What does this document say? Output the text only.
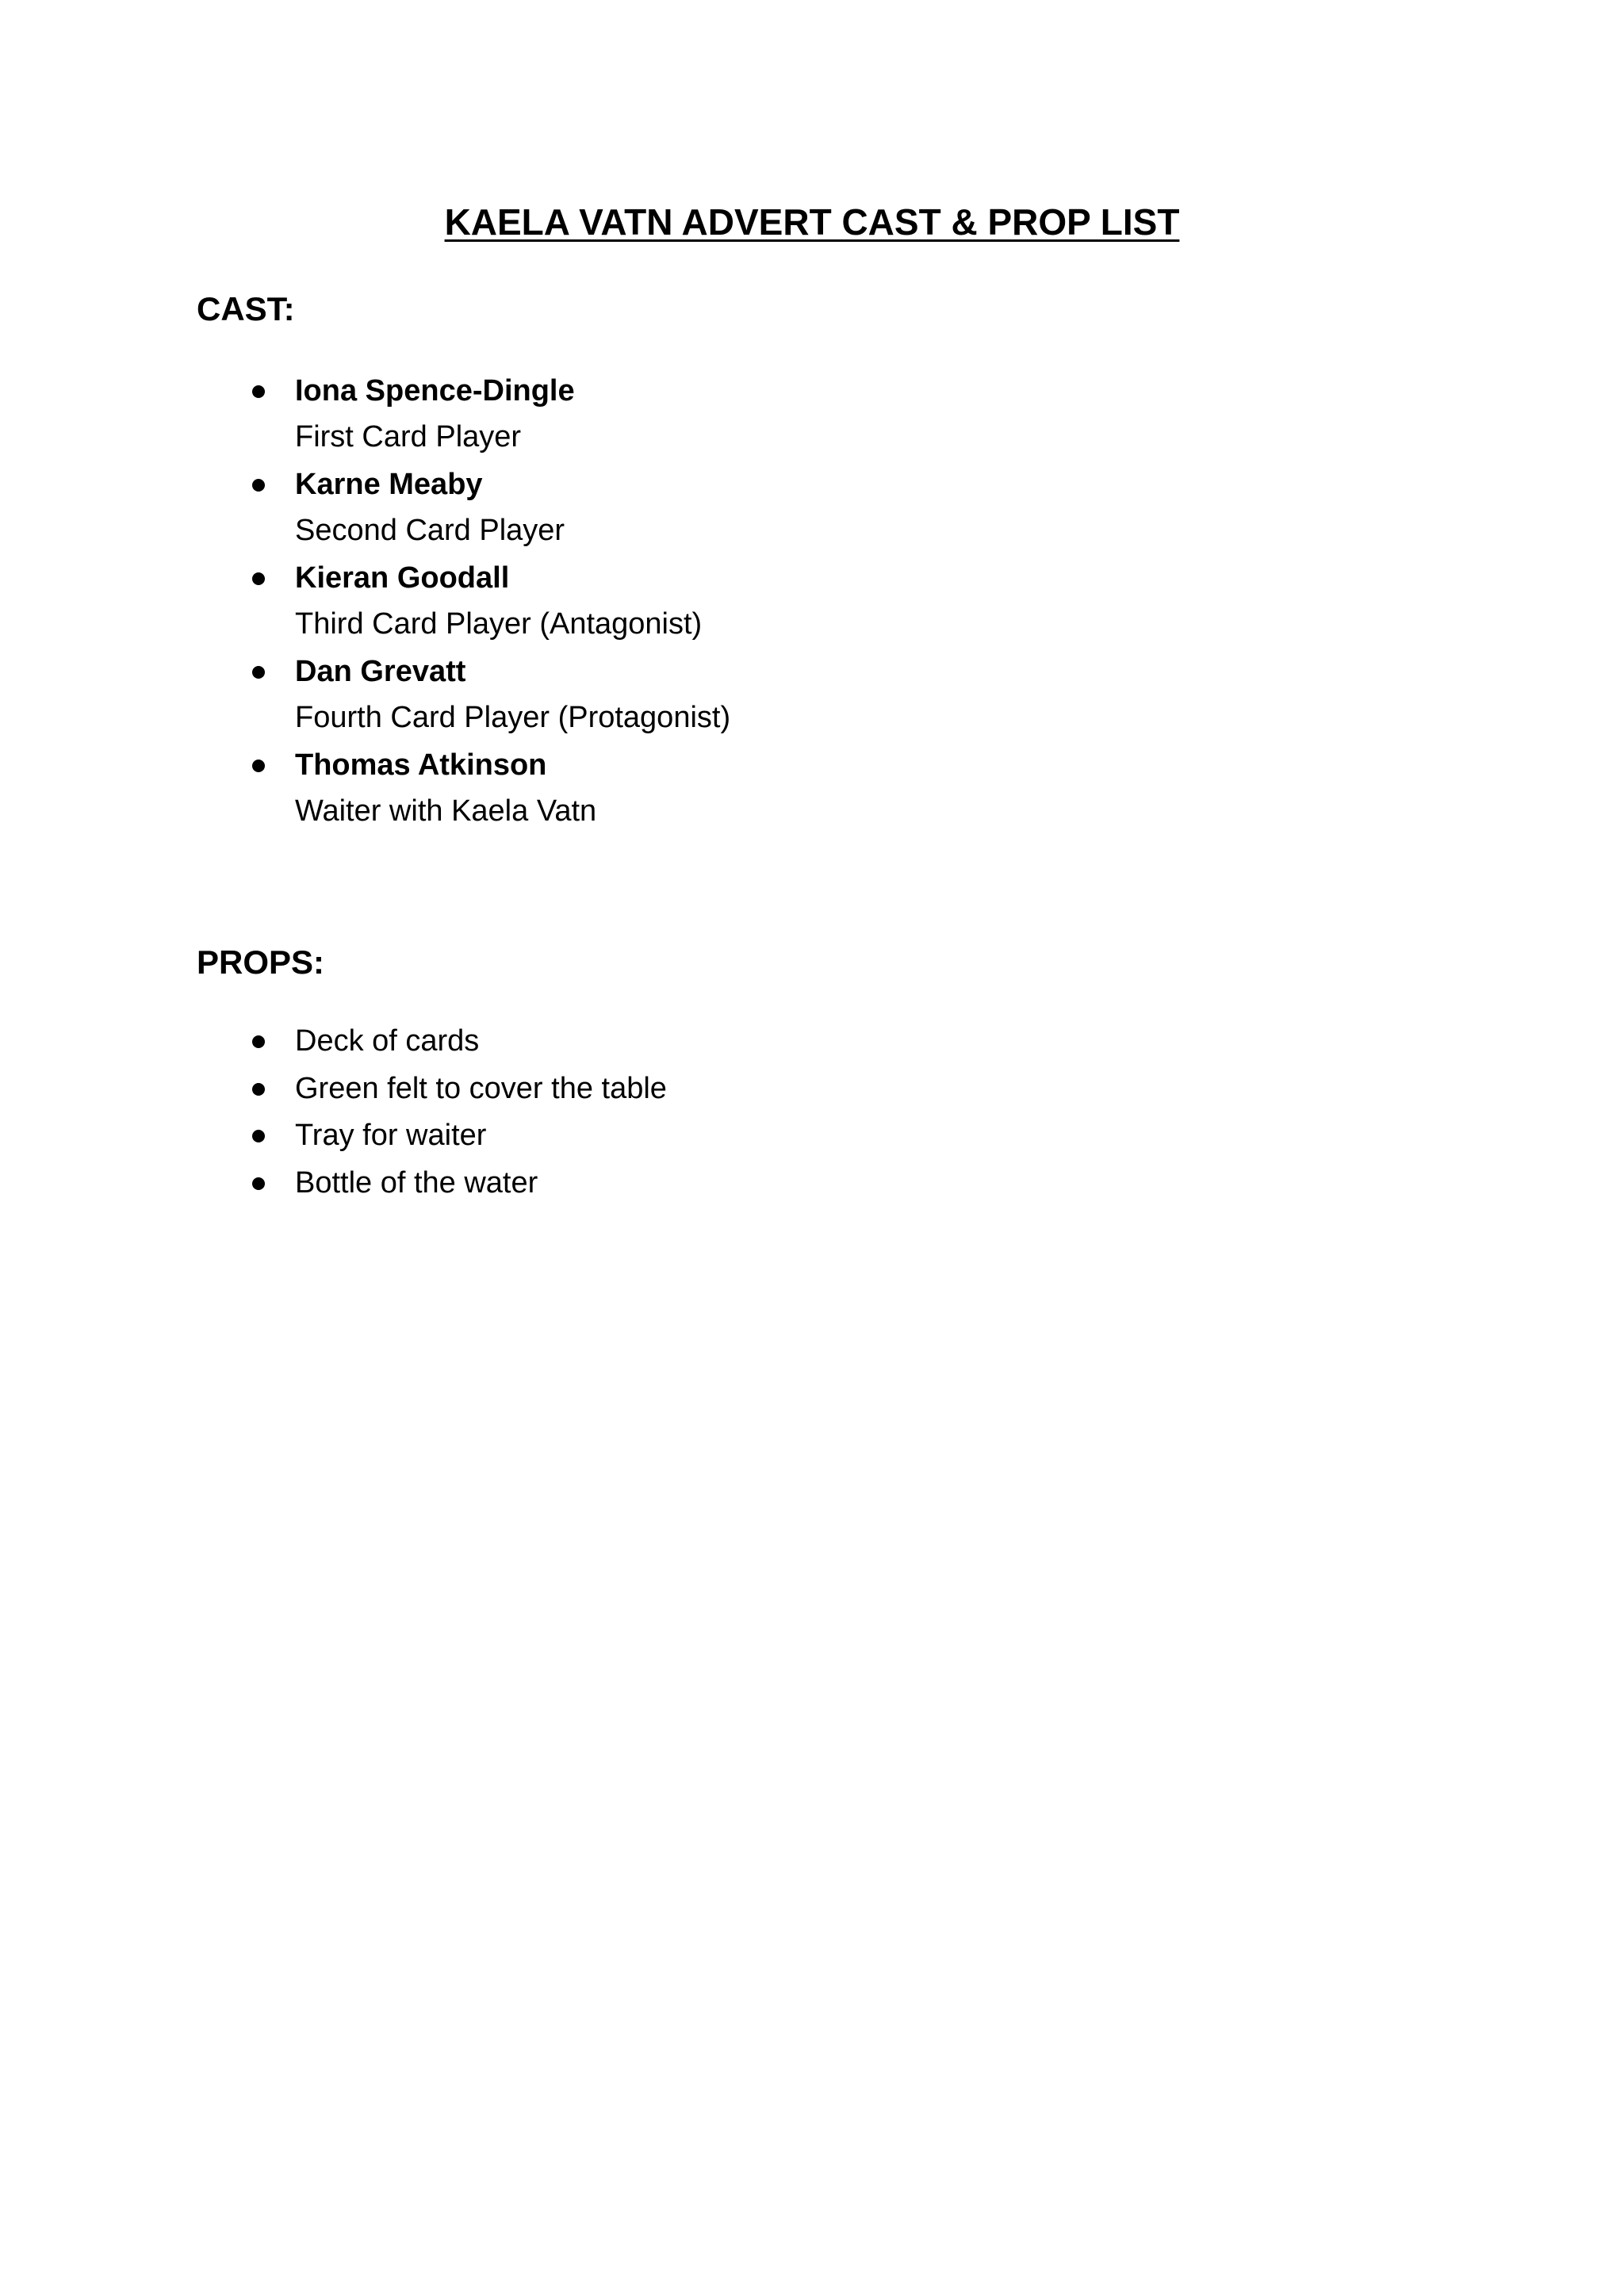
KAELA VATN ADVERT CAST & PROP LIST
CAST:
Iona Spence-Dingle
First Card Player
Karne Meaby
Second Card Player
Kieran Goodall
Third Card Player (Antagonist)
Dan Grevatt
Fourth Card Player (Protagonist)
Thomas Atkinson
Waiter with Kaela Vatn
PROPS:
Deck of cards
Green felt to cover the table
Tray for waiter
Bottle of the water
